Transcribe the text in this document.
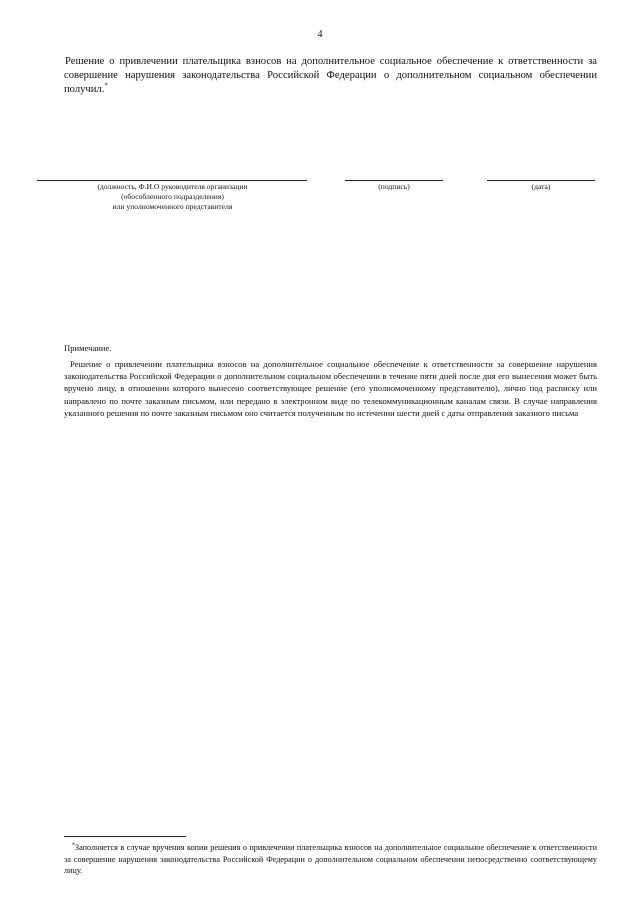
4

Решение о привлечении плательщика взносов на дополнительное социальное обеспечение к ответственности за совершение нарушения законодательства Российской Федерации о дополнительном социальном обеспечении получил.*

(должность, Ф.И.О руководителя организации
(обособленного подразделения)
или уполномоченного представителя
(подпись)	(дата)
Примечание.

Решение о привлечении плательщика взносов на дополнительное социальное обеспечение к ответственности за совершение нарушения законодательства Российской Федерации о дополнительном социальном обеспечении в течение пяти дней после дня его вынесения может быть вручено лицу, в отношении которого вынесено соответствующее решение (его уполномоченному представителю), лично под расписку или направлено по почте заказным письмом, или передано в электронном виде по телекоммуникационным каналам связи. В случае направления указанного решения по почте заказным письмом оно считается полученным по истечении шести дней с даты отправления заказного письма

*Заполняется в случае вручения копии решения о привлечении плательщика взносов на дополнительное социальное обеспечение к ответственности за совершение нарушения законодательства Российской Федерации о дополнительном социальном обеспечении непосредственно соответствующему лицу.
